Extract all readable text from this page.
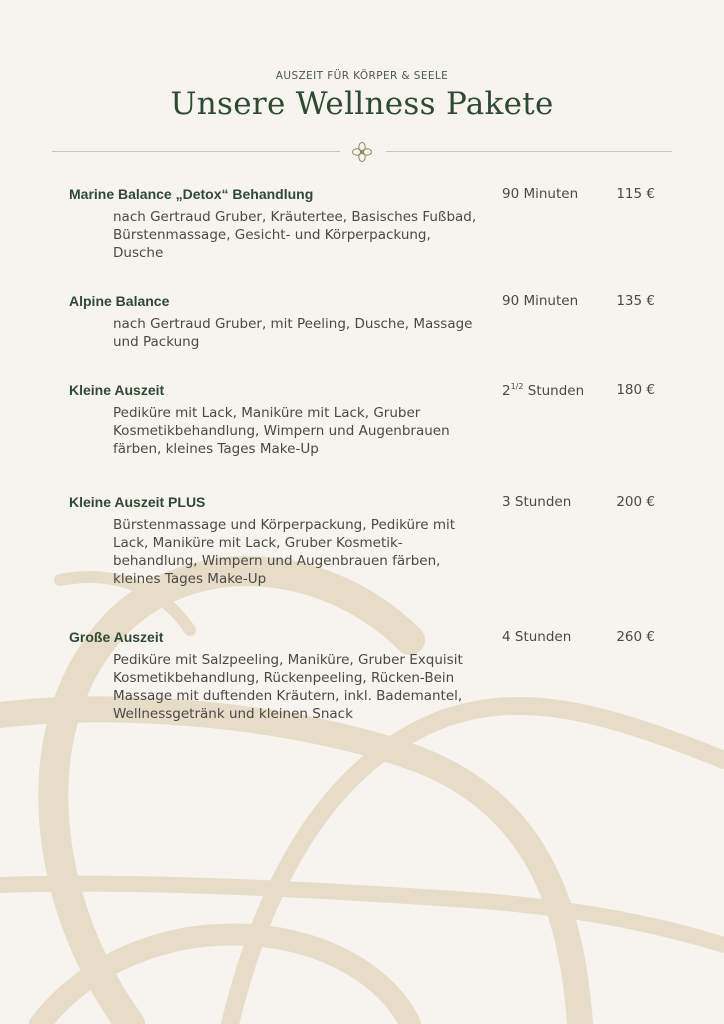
AUSZEIT FÜR KÖRPER & SEELE
Unsere Wellness Pakete
Marine Balance „Detox“ Behandlung	90 Minuten	115 €
nach Gertraud Gruber, Kräutertee, Basisches Fußbad, Bürstenmassage, Gesicht- und Körperpackung, Dusche
Alpine Balance	90 Minuten	135 €
nach Gertraud Gruber, mit Peeling, Dusche, Massage und Packung
Kleine Auszeit	$2^{1/2}$ Stunden 180 €
Pediküre mit Lack, Maniküre mit Lack, Gruber Kosmetikbehandlung, Wimpern und Augenbrauen färben, kleines Tages Make-Up
Kleine Auszeit PLUS	3 Stunden	200 €
Bürstenmassage und Körperpackung, Pediküre mit Lack, Maniküre mit Lack, Gruber Kosmetik-behandlung, Wimpern und Augenbrauen färben, kleines Tages Make-Up
Große Auszeit	4 Stunden	260 €
Pediküre mit Salzpeeling, Maniküre, Gruber Exquisit Kosmetikbehandlung, Rückenpeeling, Rücken-Bein Massage mit duftenden Kräutern, inkl. Bademantel, Wellnessgetränk und kleinen Snack
